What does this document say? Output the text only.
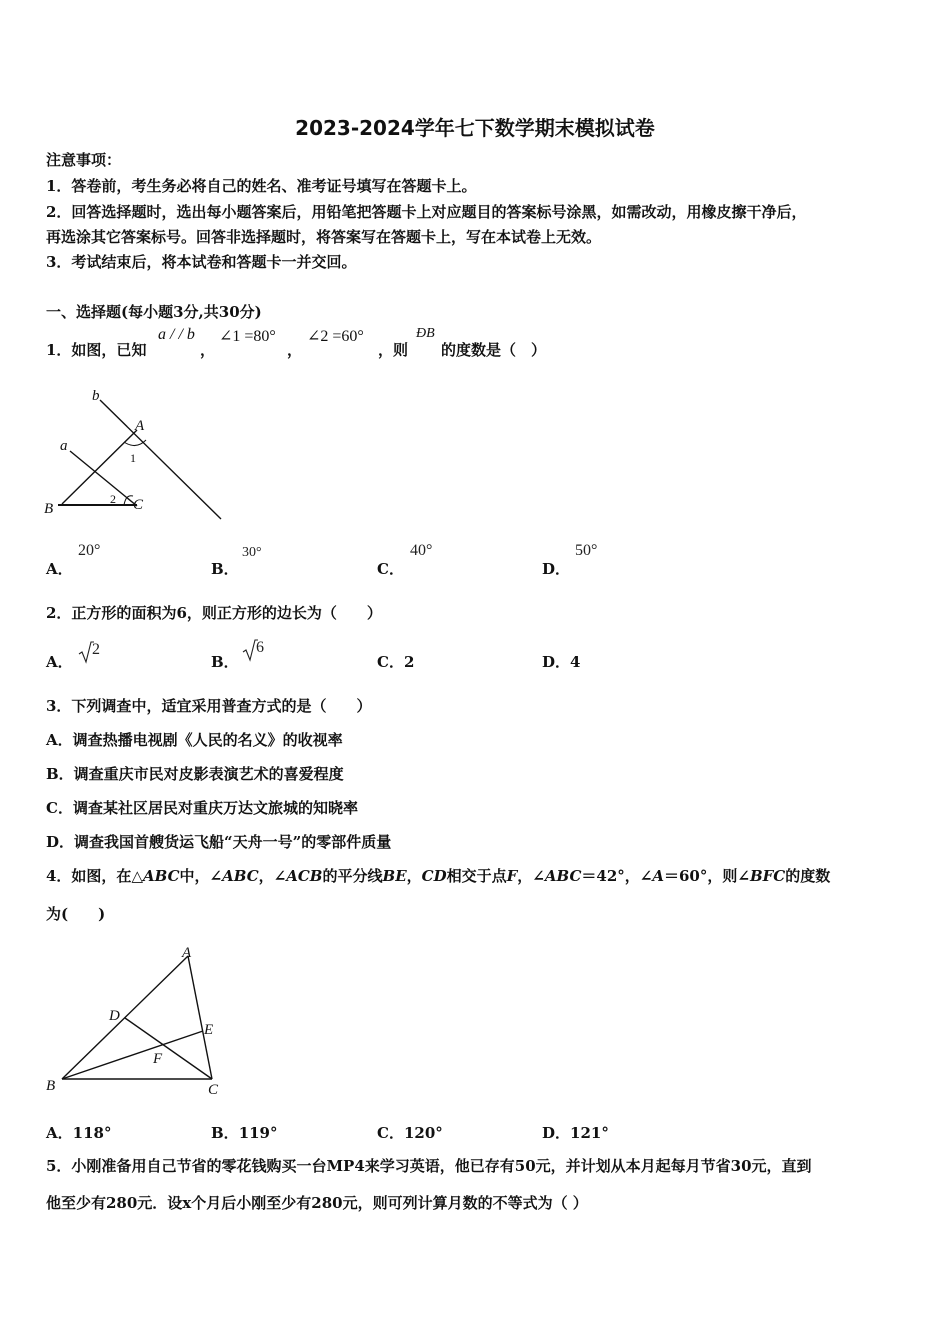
2023-2024学年七下数学期末模拟试卷
注意事项：
1．答卷前，考生务必将自己的姓名、准考证号填写在答题卡上。
2．回答选择题时，选出每小题答案后，用铅笔把答题卡上对应题目的答案标号涂黑，如需改动，用橡皮擦干净后，
再选涂其它答案标号。回答非选择题时，将答案写在答题卡上，写在本试卷上无效。
3．考试结束后，将本试卷和答题卡一并交回。
一、选择题(每小题3分,共30分)
1．如图，已知
a / / b
，
∠1 =80°
，
∠2 =60°
，则
ÐB
的度数是（　）
b
A
1
a
B
2 C
A．
20°
B．
30°
C．
40°
D．
50°
2．正方形的面积为6，则正方形的边长为（　　）
A．
2
B．
6
C．2	D．4
3．下列调查中，适宜采用普查方式的是（　　）
A．调查热播电视剧《人民的名义》的收视率
B．调查重庆市民对皮影表演艺术的喜爱程度
C．调查某社区居民对重庆万达文旅城的知晓率
D．调查我国首艘货运飞船“天舟一号”的零部件质量
4．如图，在△ABC中，∠ABC，∠ACB的平分线BE，CD相交于点F，∠ABC＝42°，∠A＝60°，则∠BFC的度数
为(　　)
A
D
E
F
B	C
A．118°	B．119°	C．120°	D．121°
5．小刚准备用自己节省的零花钱购买一台MP4来学习英语，他已存有50元，并计划从本月起每月节省30元，直到
他至少有280元．设x个月后小刚至少有280元，则可列计算月数的不等式为（ ）
